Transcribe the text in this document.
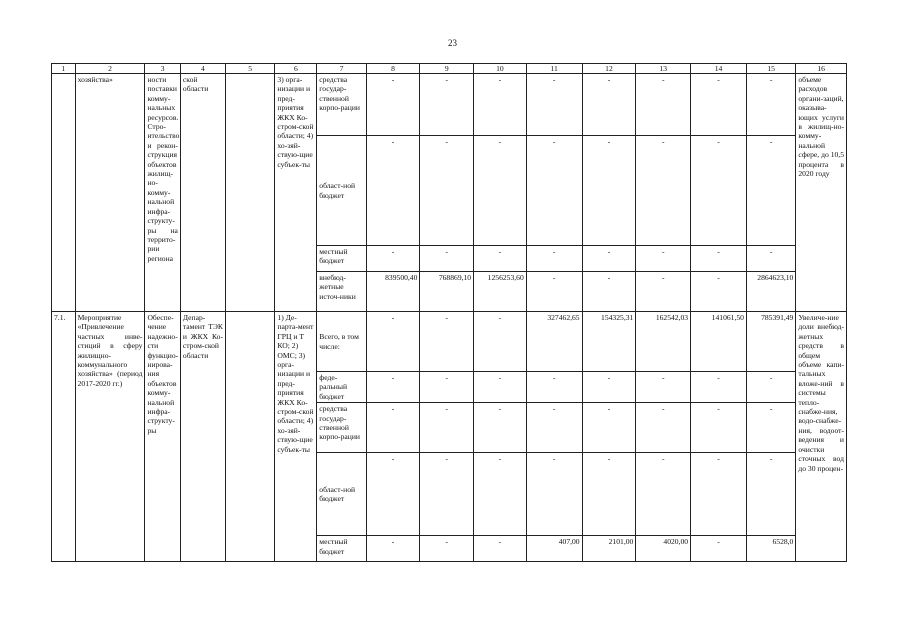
23
1	2	3	4	5	6	7	8	9	10	11	12	13	14	15	16
	хозяйства»	ности поставки комму-нальных ресурсов. Стро-ительство и рекон-струкция объектов жилищ-но-комму-нальной инфра-структу-ры на террито-рии региона	ской области		3) орга-низации и пред-приятия ЖКХ Ко-стром-ской области; 4) хо-зяй-ствую-щие субъек-ты	средства государ-ственной корпо-рации	-	-	-	-	-	-	-	-	объеме расходов органи-заций, оказыва-ющих услуги в жилищ-но-комму-нальной сфере, до 10,5 процента в 2020 году
						област-ной бюджет	-	-	-	-	-	-	-	-	
						местный бюджет	-	-	-	-	-	-	-	-	
						внебюд-жетные источ-ники	839500,40	768869,10	1256253,60	-	-	-	-	2864623,10	
7.1.	Мероприятие «Привлечение частных инве-стиций в сферу жилищно-коммунального хозяйства» (период 2017-2020 гг.)	Обеспе-чение надежно-сти функцио-нирова-ния объектов комму-нальной инфра-структу-ры	Депар-тамент ТЭК и ЖКХ Ко-стром-ской области		1) Де-парта-мент ГРЦ и Т КО; 2) ОМС; 3) орга-низации и пред-приятия ЖКХ Ко-стром-ской области; 4) хо-зяй-ствую-щие субъек-ты	Всего, в том числе:	-	-	-	327462,65	154325,31	162542,03	141061,50	785391,49	Увеличе-ние доли внебюд-жетных средств в общем объеме капи-тальных вложе-ний в системы тепло-снабже-ния, водо-снабже-ния, водоот-ведения и очистки сточных вод до 30 процен-
						феде-ральный бюджет	-	-	-	-	-	-	-	-	
						средства государ-ственной корпо-рации	-	-	-	-	-	-	-	-	
						област-ной бюджет	-	-	-	-	-	-	-	-	
						местный бюджет	-	-	-	407,00	2101,00	4020,00	-	6528,0	
